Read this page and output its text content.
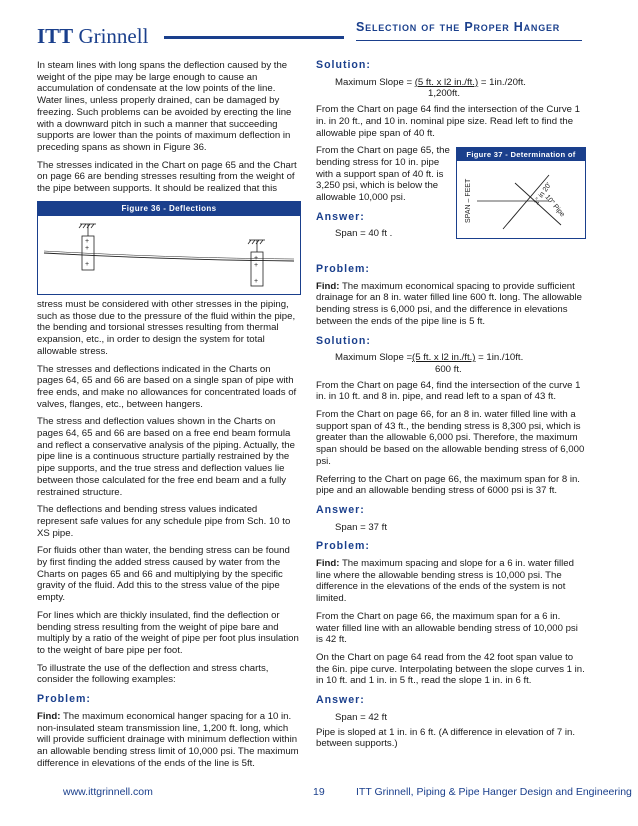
ITT Grinnell	Selection of the Proper Hanger

In steam lines with long spans the deflection caused by the weight of the pipe may be large enough to cause an accumulation of condensate at the low points of the line. Water lines, unless properly drained, can be damaged by freezing. Such problems can be avoided by erecting the line with a downward pitch in such a manner that succeeding supports are lower than the points of maximum deflection in preceding spans as shown in Figure 36.

The stresses indicated in the Chart on page 65 and the Chart on page 66 are bending stresses resulting from the weight of the pipe between supports. It should be realized that this

Figure 36 - Deflections
+
+
+
+
+
+

stress must be considered with other stresses in the piping, such as those due to the pressure of the fluid within the pipe, the bending and torsional stresses resulting from thermal expansion, etc., in order to design the system for total allowable stress.

The stresses and deflections indicated in the Charts on pages 64, 65 and 66 are based on a single span of pipe with free ends, and make no allowances for concentrated loads of valves, flanges, etc., between hangers.

The stress and deflection values shown in the Charts on pages 64, 65 and 66 are based on a free end beam formula and reflect a conservative analysis of the piping. Actually, the pipe line is a continuous structure partially restrained by the pipe supports, and the true stress and deflection values lie between those calculated for the free end beam and a fully restrained structure.

The deflections and bending stress values indicated represent safe values for any schedule pipe from Sch. 10 to XS pipe.

For fluids other than water, the bending stress can be found by first finding the added stress caused by water from the Charts on pages 65 and 66 and multiplying by the specific gravity of the fluid. Add this to the stress value of the pipe empty.

For lines which are thickly insulated, find the deflection or bending stress resulting from the weight of pipe bare and multiply by a ratio of the weight of pipe per foot plus insulation to the weight of bare pipe per foot.

To illustrate the use of the deflection and stress charts, consider the following examples:

Problem:

Find: The maximum economical hanger spacing for a 10 in. non-insulated steam transmission line, 1,200 ft. long, which will provide sufficient drainage with minimum deflection within an allowable bending stress limit of 10,000 psi. The maximum difference in elevations of the ends of the line is 5ft.

Solution:
Maximum Slope = (5 ft. x l2 in./ft.) = 1in./20ft.
1,200ft.

From the Chart on page 64 find the intersection of the Curve 1 in. in 20 ft., and 10 in. nominal pipe size. Read left to find the allowable pipe span of 40 ft.

From the Chart on page 65, the bending stress for 10 in. pipe with a support span of 40 ft. is 3,250 psi, which is below the allowable 10,000 psi.

Answer:
Span = 40 ft .
Figure 37 - Determination of Span
SPAN – FEET	1" in 20'
10" Pipe
Problem:

Find: The maximum economical spacing to provide sufficient drainage for an 8 in. water filled line 600 ft. long. The allowable bending stress is 6,000 psi, and the difference in elevations between the ends of the pipe line is 5 ft.

Solution:
Maximum Slope =(5 ft. x l2 in./ft.) = 1in./10ft.
600 ft.

From the Chart on page 64, find the intersection of the curve 1 in. in 10 ft. and 8 in. pipe, and read left to a span of 43 ft.

From the Chart on page 66, for an 8 in. water filled line with a support span of 43 ft., the bending stress is 8,300 psi, which is greater than the allowable 6,000 psi. Therefore, the maximum span should be based on the allowable bending stress of 6,000 psi.

Referring to the Chart on page 66, the maximum span for 8 in. pipe and an allowable bending stress of 6000 psi is 37 ft.

Answer:
Span = 37 ft
Problem:

Find: The maximum spacing and slope for a 6 in. water filled line where the allowable bending stress is 10,000 psi. The difference in the elevations of the ends of the system is not limited.

From the Chart on page 66, the maximum span for a 6 in. water filled line with an allowable bending stress of 10,000 psi is 42 ft.

On the Chart on page 64 read from the 42 foot span value to the 6in. pipe curve. Interpolating between the slope curves 1 in. in 10 ft. and 1 in. in 5 ft., read the slope 1 in. in 6 ft.

Answer:
Span = 42 ft

Pipe is sloped at 1 in. in 6 ft. (A difference in elevation of 7 in. between supports.)

www.ittgrinnell.com	19	ITT Grinnell, Piping & Pipe Hanger Design and Engineering
